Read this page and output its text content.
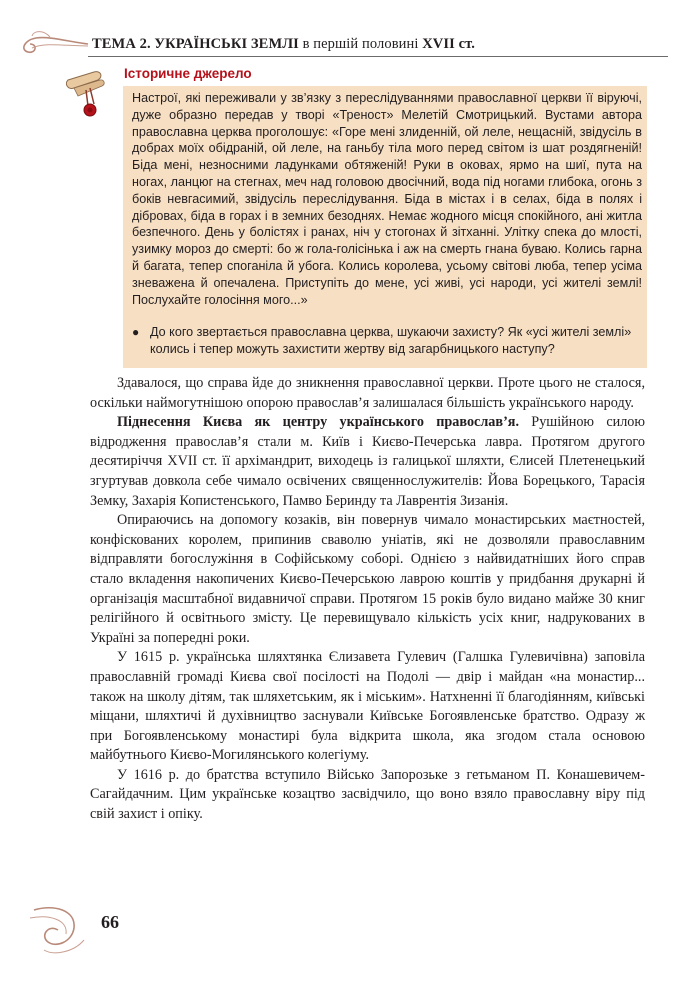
ТЕМА 2. УКРАЇНСЬКІ ЗЕМЛІ в першій половині XVII ст.
Історичне джерело

Настрої, які переживали у зв’язку з переслідуваннями православної церкви її віруючі, дуже образно передав у творі «Треност» Мелетій Смотрицький. Вустами автора православна церква проголошує: «Горе мені злиденній, ой леле, нещасній, звідусіль в добрах моїх обідраній, ой леле, на ганьбу тіла мого перед світом із шат роздягненій! Біда мені, незносними ладунками обтяженій! Руки в оковах, ярмо на шиї, пута на ногах, ланцюг на стегнах, меч над головою двосічний, вода під ногами глибока, огонь з боків невгасимий, звідусіль переслідування. Біда в містах і в селах, біда в полях і дібровах, біда в горах і в земних безоднях. Немає жодного місця спокійного, ані житла безпечного. День у болістях і ранах, ніч у стогонах й зітханні. Улітку спека до млості, узимку мороз до смерті: бо ж гола-голісінька і аж на смерть гнана буваю. Колись гарна й багата, тепер споганіла й убога. Колись королева, усьому світові люба, тепер усіма зневажена й опечалена. Приступіть до мене, усі живі, усі народи, усі жителі землі! Послухайте голосіння мого...»

● До кого звертається православна церква, шукаючи захисту? Як «усі жителі землі» колись і тепер можуть захистити жертву від загарбницького наступу?

Здавалося, що справа йде до зникнення православної церкви. Проте цього не сталося, оскільки наймогутнішою опорою православ’я залишалася більшість українського народу.

Піднесення Києва як центру українського православ’я. Рушійною силою відродження православ’я стали м. Київ і Києво-Печерська лавра. Протягом другого десятиріччя XVII ст. її архімандрит, виходець із галицької шляхти, Єлисей Плетенецький згуртував довкола себе чимало освічених священнослужителів: Йова Борецького, Тарасія Земку, Захарія Копистенського, Памво Беринду та Лаврентія Зизанія.

Опираючись на допомогу козаків, він повернув чимало монастирських маєтностей, конфіскованих королем, припинив сваволю уніатів, які не дозволяли православним відправляти богослужіння в Софійському соборі. Однією з найвидатніших його справ стало вкладення накопичених Києво-Печерською лаврою коштів у придбання друкарні й організація масштабної видавничої справи. Протягом 15 років було видано майже 30 книг релігійного й освітнього змісту. Це перевищувало кількість усіх книг, надрукованих в Україні за попередні роки.

У 1615 р. українська шляхтянка Єлизавета Гулевич (Галшка Гулевичівна) заповіла православній громаді Києва свої посілості на Подолі — двір і майдан «на монастир... також на школу дітям, так шляхетським, як і міським». Натхненні її благодіянням, київські міщани, шляхтичі й духівництво заснували Київське Богоявленське братство. Одразу ж при Богоявленському монастирі була відкрита школа, яка згодом стала основою майбутнього Києво-Могилянського колегіуму.

У 1616 р. до братства вступило Військо Запорозьке з гетьманом П. Конашевичем-Сагайдачним. Цим українське козацтво засвідчило, що воно взяло православну віру під свій захист і опіку.

66
